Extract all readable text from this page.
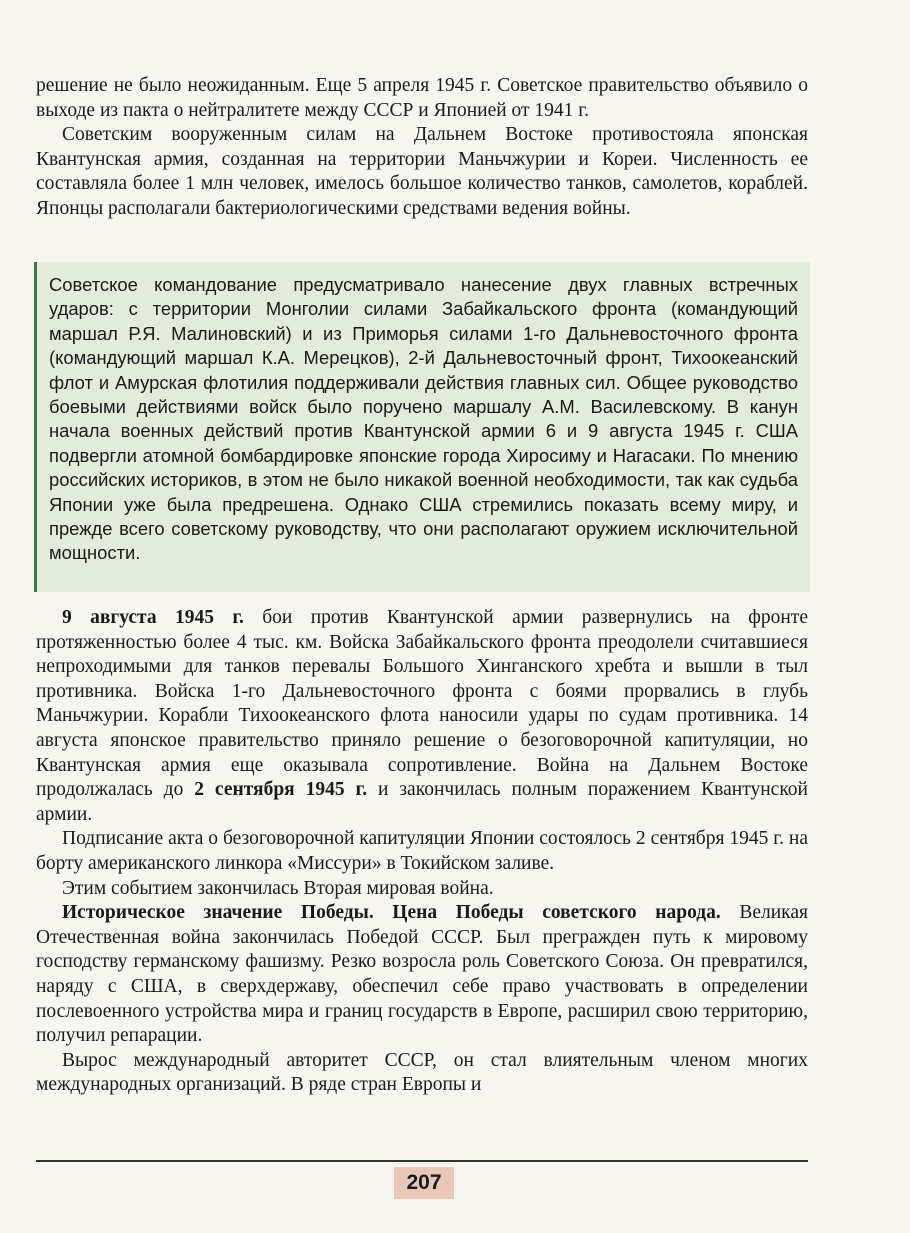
решение не было неожиданным. Еще 5 апреля 1945 г. Советское правительство объявило о выходе из пакта о нейтралитете между СССР и Японией от 1941 г.

Советским вооруженным силам на Дальнем Востоке противостояла японская Квантунская армия, созданная на территории Маньчжурии и Кореи. Численность ее составляла более 1 млн человек, имелось большое количество танков, самолетов, кораблей. Японцы располагали бактериологическими средствами ведения войны.

Советское командование предусматривало нанесение двух главных встречных ударов: с территории Монголии силами Забайкальского фронта (командующий маршал Р.Я. Малиновский) и из Приморья силами 1-го Дальневосточного фронта (командующий маршал К.А. Мерецков), 2-й Дальневосточный фронт, Тихоокеанский флот и Амурская флотилия поддерживали действия главных сил. Общее руководство боевыми действиями войск было поручено маршалу А.М. Василевскому. В канун начала военных действий против Квантунской армии 6 и 9 августа 1945 г. США подвергли атомной бомбардировке японские города Хиросиму и Нагасаки. По мнению российских историков, в этом не было никакой военной необходимости, так как судьба Японии уже была предрешена. Однако США стремились показать всему миру, и прежде всего советскому руководству, что они располагают оружием исключительной мощности.

9 августа 1945 г. бои против Квантунской армии развернулись на фронте протяженностью более 4 тыс. км. Войска Забайкальского фронта преодолели считавшиеся непроходимыми для танков перевалы Большого Хинганского хребта и вышли в тыл противника. Войска 1-го Дальневосточного фронта с боями прорвались в глубь Маньчжурии. Корабли Тихоокеанского флота наносили удары по судам противника. 14 августа японское правительство приняло решение о безоговорочной капитуляции, но Квантунская армия еще оказывала сопротивление. Война на Дальнем Востоке продолжалась до 2 сентября 1945 г. и закончилась полным поражением Квантунской армии.

Подписание акта о безоговорочной капитуляции Японии состоялось 2 сентября 1945 г. на борту американского линкора «Миссури» в Токийском заливе.

Этим событием закончилась Вторая мировая война.

Историческое значение Победы. Цена Победы советского народа. Великая Отечественная война закончилась Победой СССР. Был прегражден путь к мировому господству германскому фашизму. Резко возросла роль Советского Союза. Он превратился, наряду с США, в сверхдержаву, обеспечил себе право участвовать в определении послевоенного устройства мира и границ государств в Европе, расширил свою территорию, получил репарации.

Вырос международный авторитет СССР, он стал влиятельным членом многих международных организаций. В ряде стран Европы и

207
